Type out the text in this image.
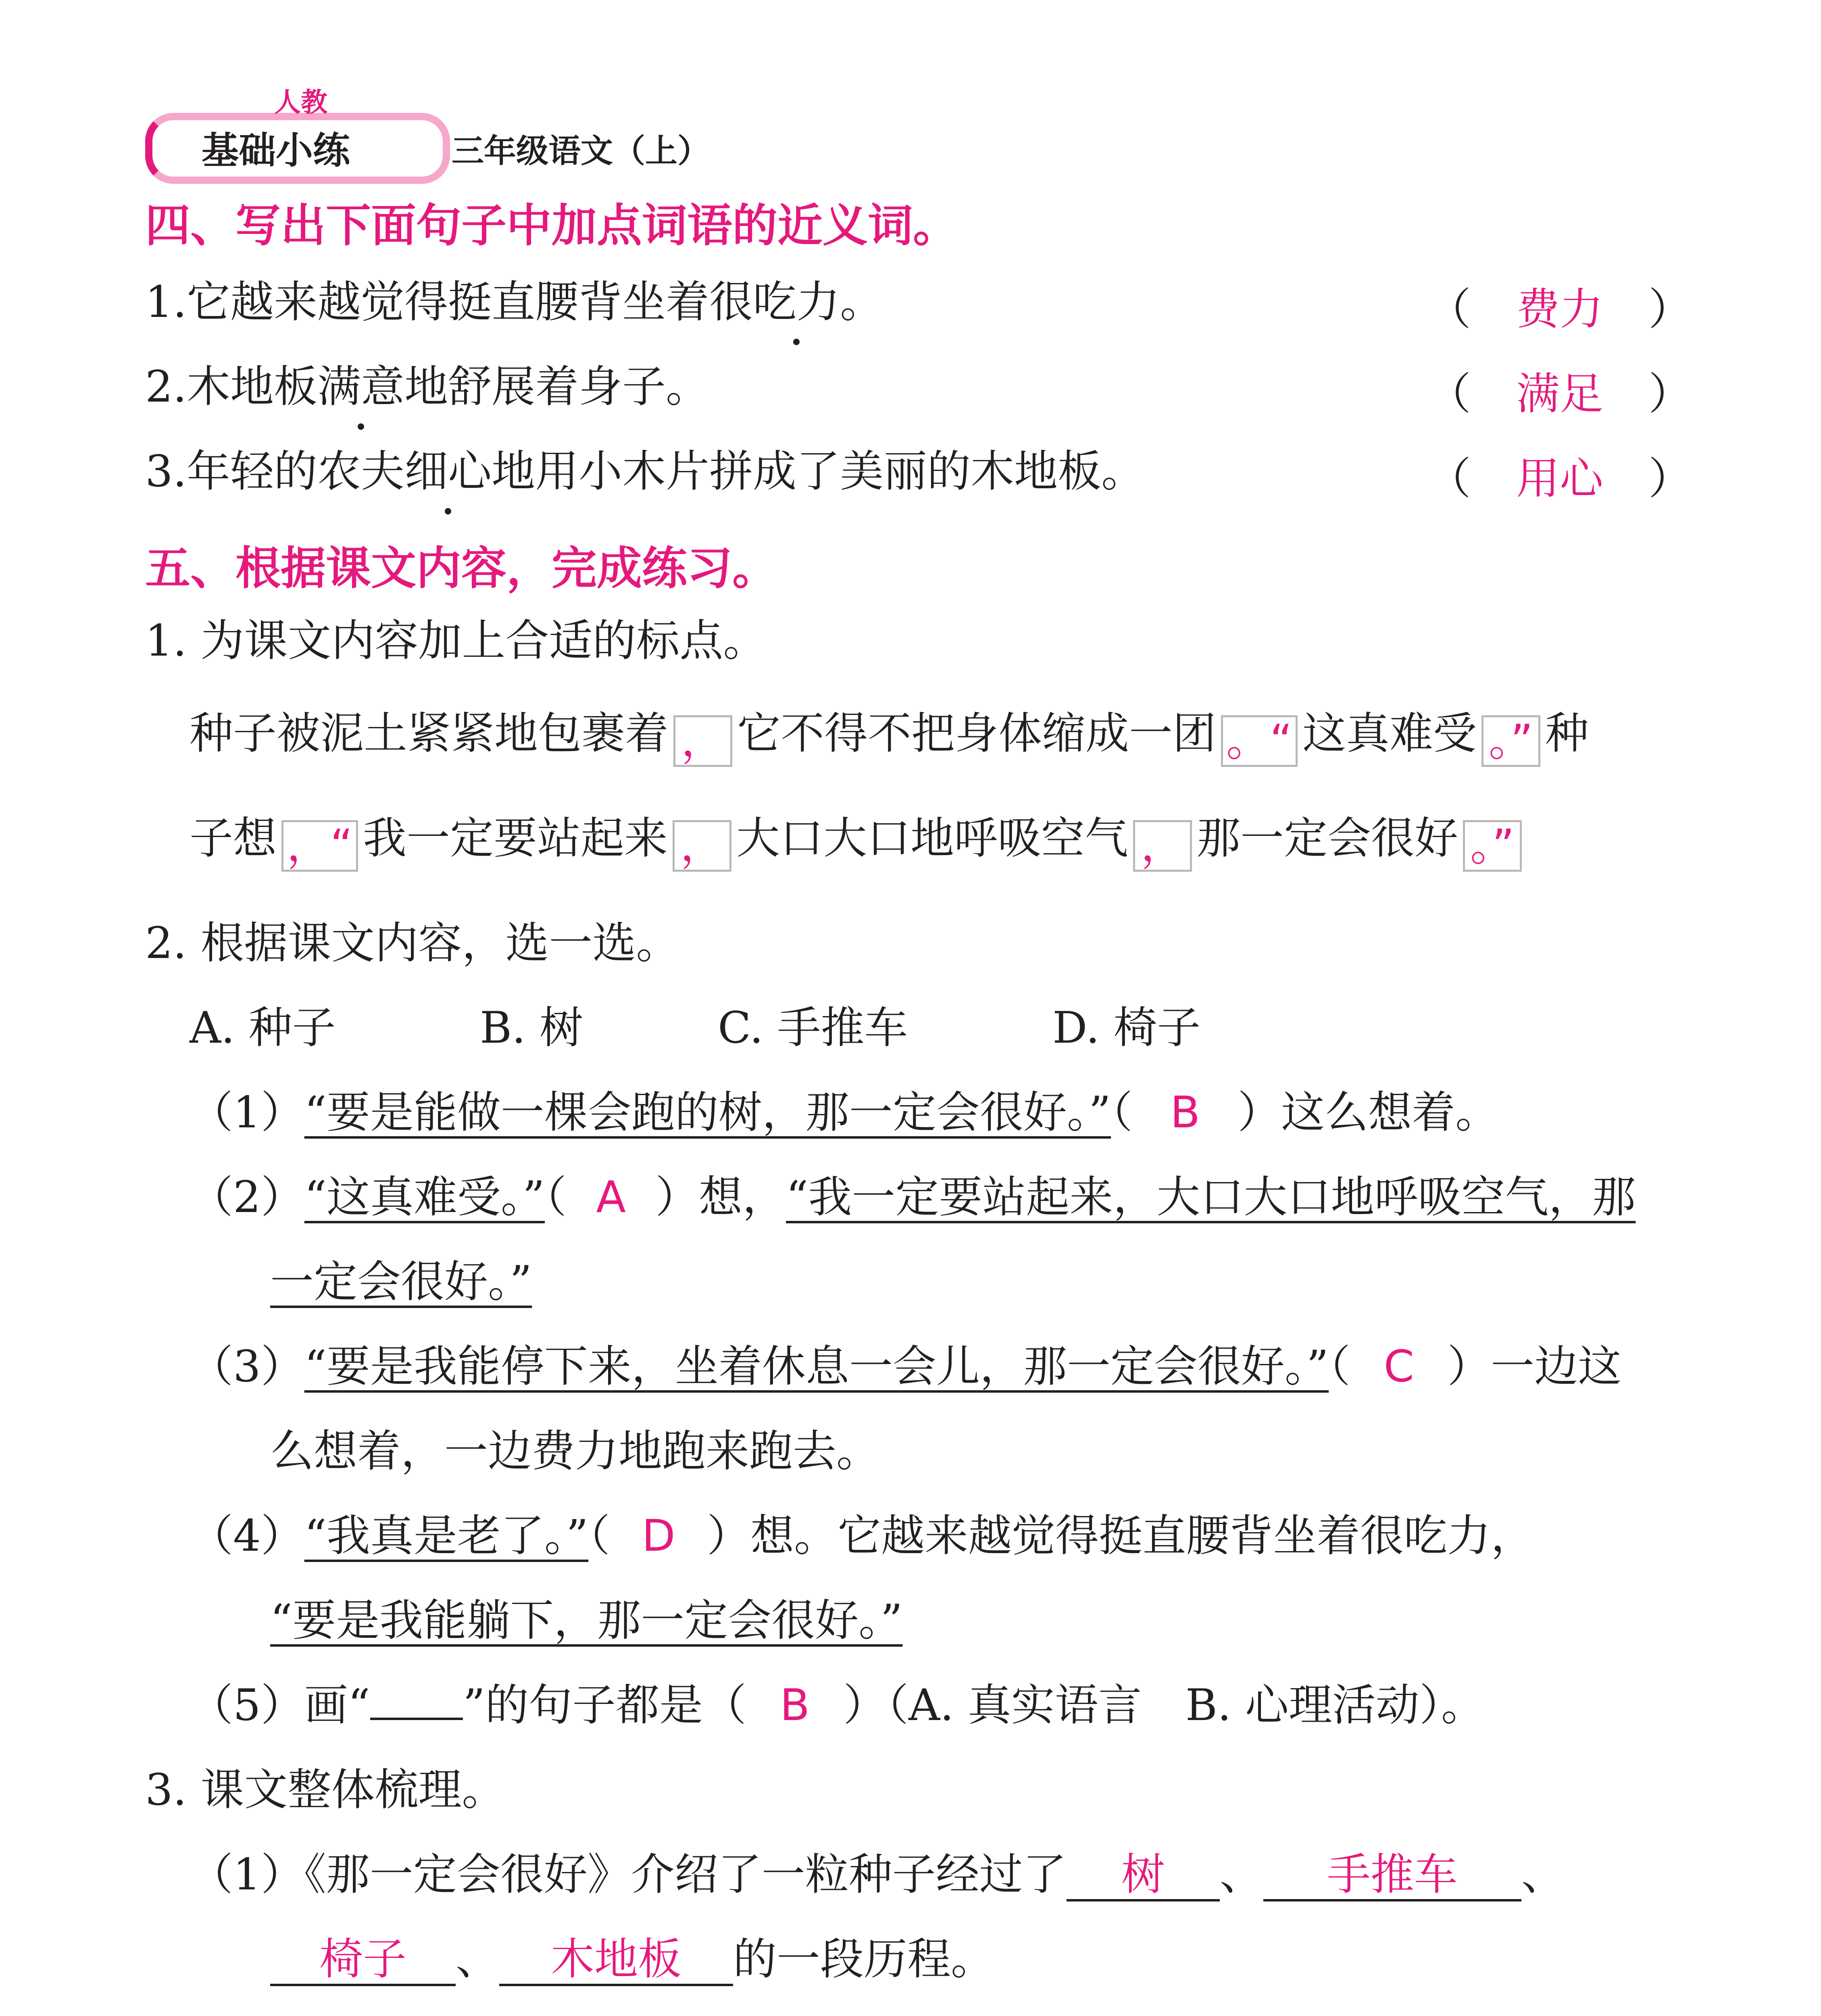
人教
基础小练	三年级语文（上）
四、写出下面句子中加点词语的近义词。
1.它越来越觉得挺直腰背坐着很吃力。	（ 费力 ）
2.木地板满意地舒展着身子。	（ 满足 ）
3.年轻的农夫细心地用小木片拼成了美丽的木地板。	（ 用心 ）
五、根据课文内容，完成练习。
1. 为课文内容加上合适的标点。
种子被泥土紧紧地包裹着 ， 它不得不把身体缩成一团 。“ 这真难受 。” 种
子想 ，“ 我一定要站起来 ， 大口大口地呼吸空气 ， 那一定会很好 。”
2. 根据课文内容，选一选。
A. 种子	B. 树	C. 手推车	D. 椅子
（1）“要是能做一棵会跑的树，那一定会很好。”（ B ）这么想着。
（2）“这真难受。”（ A ）想，“我一定要站起来，大口大口地呼吸空气，那
一定会很好。”
（3）“要是我能停下来，坐着休息一会儿，那一定会很好。”（ C ）一边这
么想着，一边费力地跑来跑去。
（4）“我真是老了。”（ D ）想。它越来越觉得挺直腰背坐着很吃力，
“要是我能躺下，那一定会很好。”
（5）画“ ”的句子都是（ B ）（A. 真实语言　B. 心理活动）。
3. 课文整体梳理。
（1）《那一定会很好》介绍了一粒种子经过了 树 、 手推车 、
椅子 、 木地板 的一段历程。
